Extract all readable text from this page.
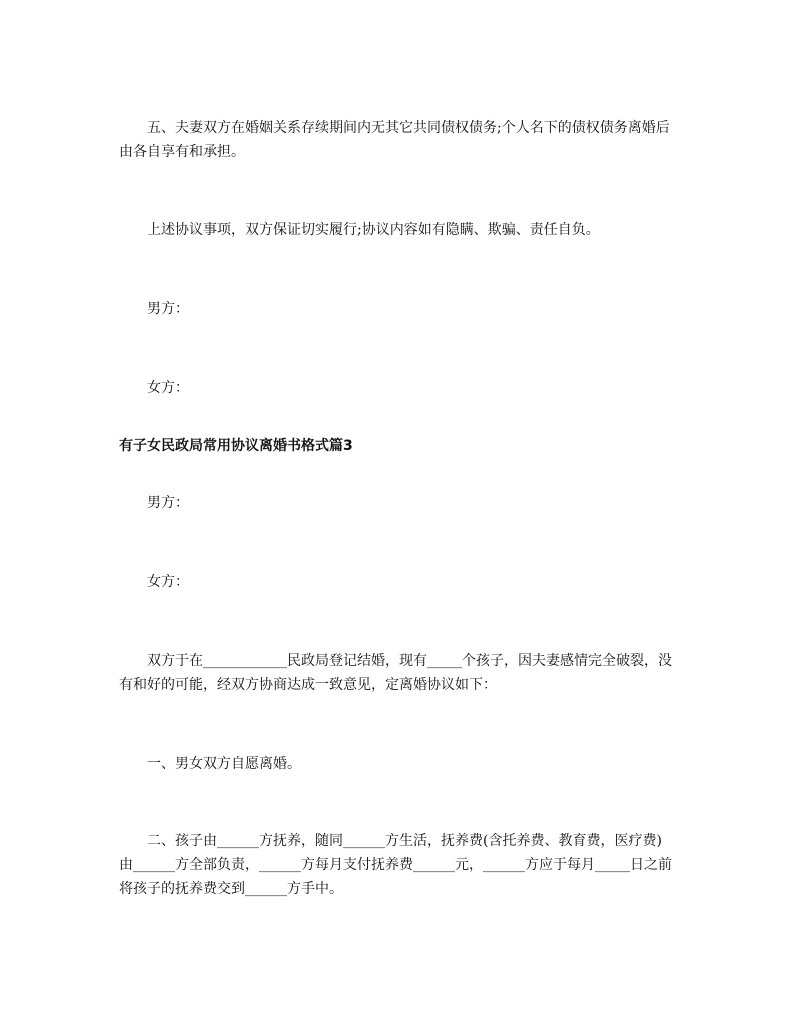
五、夫妻双方在婚姻关系存续期间内无其它共同债权债务;个人名下的债权债务离婚后由各自享有和承担。

上述协议事项，双方保证切实履行;协议内容如有隐瞒、欺骗、责任自负。

男方：

女方：

有子女民政局常用协议离婚书格式篇3

男方：

女方：

双方于在____________民政局登记结婚，现有_____个孩子，因夫妻感情完全破裂，没有和好的可能，经双方协商达成一致意见，定离婚协议如下：

一、男女双方自愿离婚。

二、孩子由______方抚养，随同______方生活，抚养费(含托养费、教育费，医疗费)由______方全部负责，______方每月支付抚养费______元，______方应于每月_____日之前将孩子的抚养费交到______方手中。
